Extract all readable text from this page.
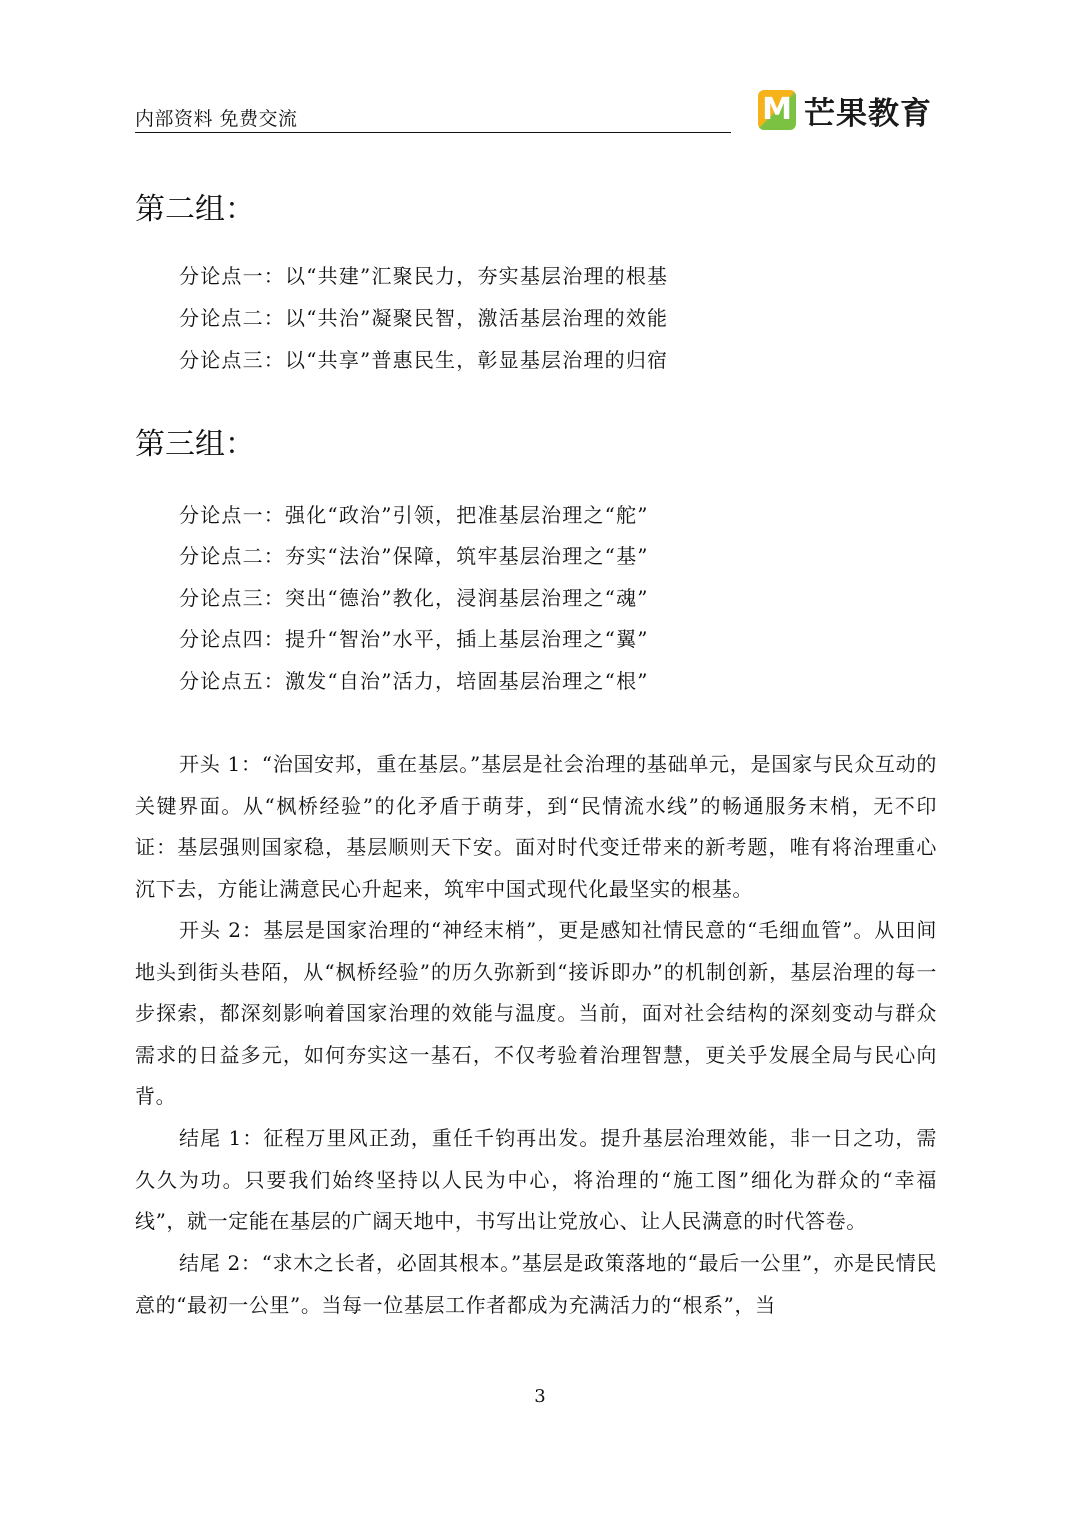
内部资料 免费交流	M 芒果教育
第二组：
分论点一：以“共建”汇聚民力，夯实基层治理的根基
分论点二：以“共治”凝聚民智，激活基层治理的效能
分论点三：以“共享”普惠民生，彰显基层治理的归宿
第三组：
分论点一：强化“政治”引领，把准基层治理之“舵”
分论点二：夯实“法治”保障，筑牢基层治理之“基”
分论点三：突出“德治”教化，浸润基层治理之“魂”
分论点四：提升“智治”水平，插上基层治理之“翼”
分论点五：激发“自治”活力，培固基层治理之“根”

开头 1：“治国安邦，重在基层。”基层是社会治理的基础单元，是国家与民众互动的关键界面。从“枫桥经验”的化矛盾于萌芽，到“民情流水线”的畅通服务末梢，无不印证：基层强则国家稳，基层顺则天下安。面对时代变迁带来的新考题，唯有将治理重心沉下去，方能让满意民心升起来，筑牢中国式现代化最坚实的根基。

开头 2：基层是国家治理的“神经末梢”，更是感知社情民意的“毛细血管”。从田间地头到街头巷陌，从“枫桥经验”的历久弥新到“接诉即办”的机制创新，基层治理的每一步探索，都深刻影响着国家治理的效能与温度。当前，面对社会结构的深刻变动与群众需求的日益多元，如何夯实这一基石，不仅考验着治理智慧，更关乎发展全局与民心向背。

结尾 1：征程万里风正劲，重任千钧再出发。提升基层治理效能，非一日之功，需久久为功。只要我们始终坚持以人民为中心，将治理的“施工图”细化为群众的“幸福线”，就一定能在基层的广阔天地中，书写出让党放心、让人民满意的时代答卷。

结尾 2：“求木之长者，必固其根本。”基层是政策落地的“最后一公里”，亦是民情民意的“最初一公里”。当每一位基层工作者都成为充满活力的“根系”，当

3
